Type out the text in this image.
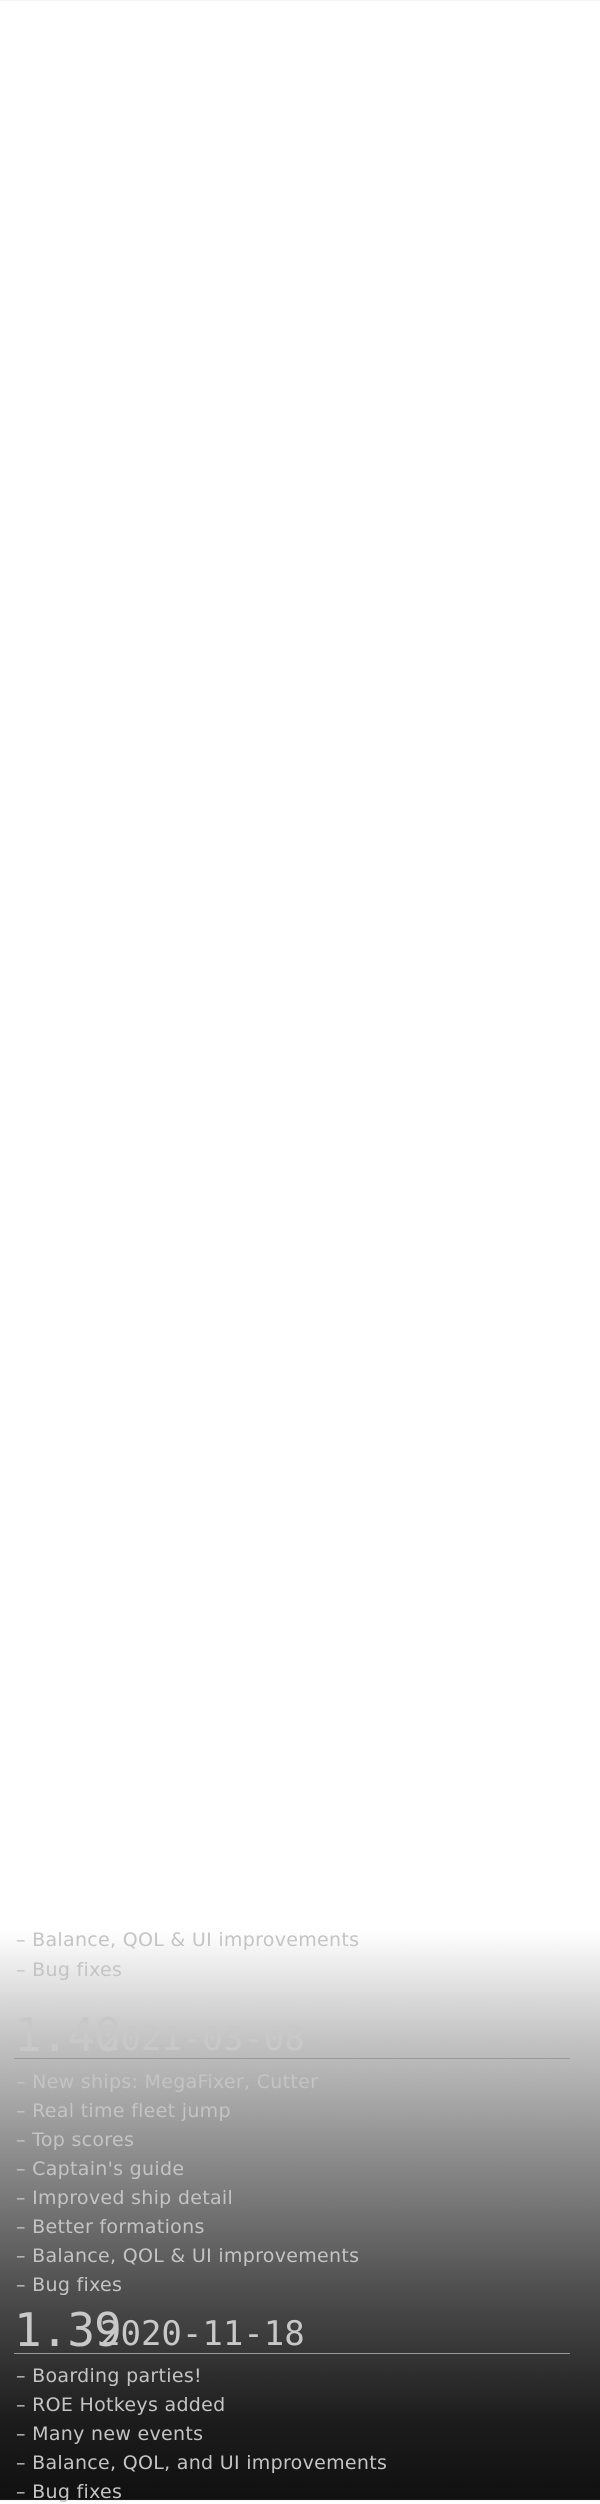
– Balance, QOL & UI improvements
– Bug fixes
1.40
2021-03-08
– New ships: MegaFixer, Cutter
– Real time fleet jump
– Top scores
– Captain's guide
– Improved ship detail
– Better formations
– Balance, QOL & UI improvements
– Bug fixes
1.39
2020-11-18
– Boarding parties!
– ROE Hotkeys added
– Many new events
– Balance, QOL, and UI improvements
– Bug fixes
